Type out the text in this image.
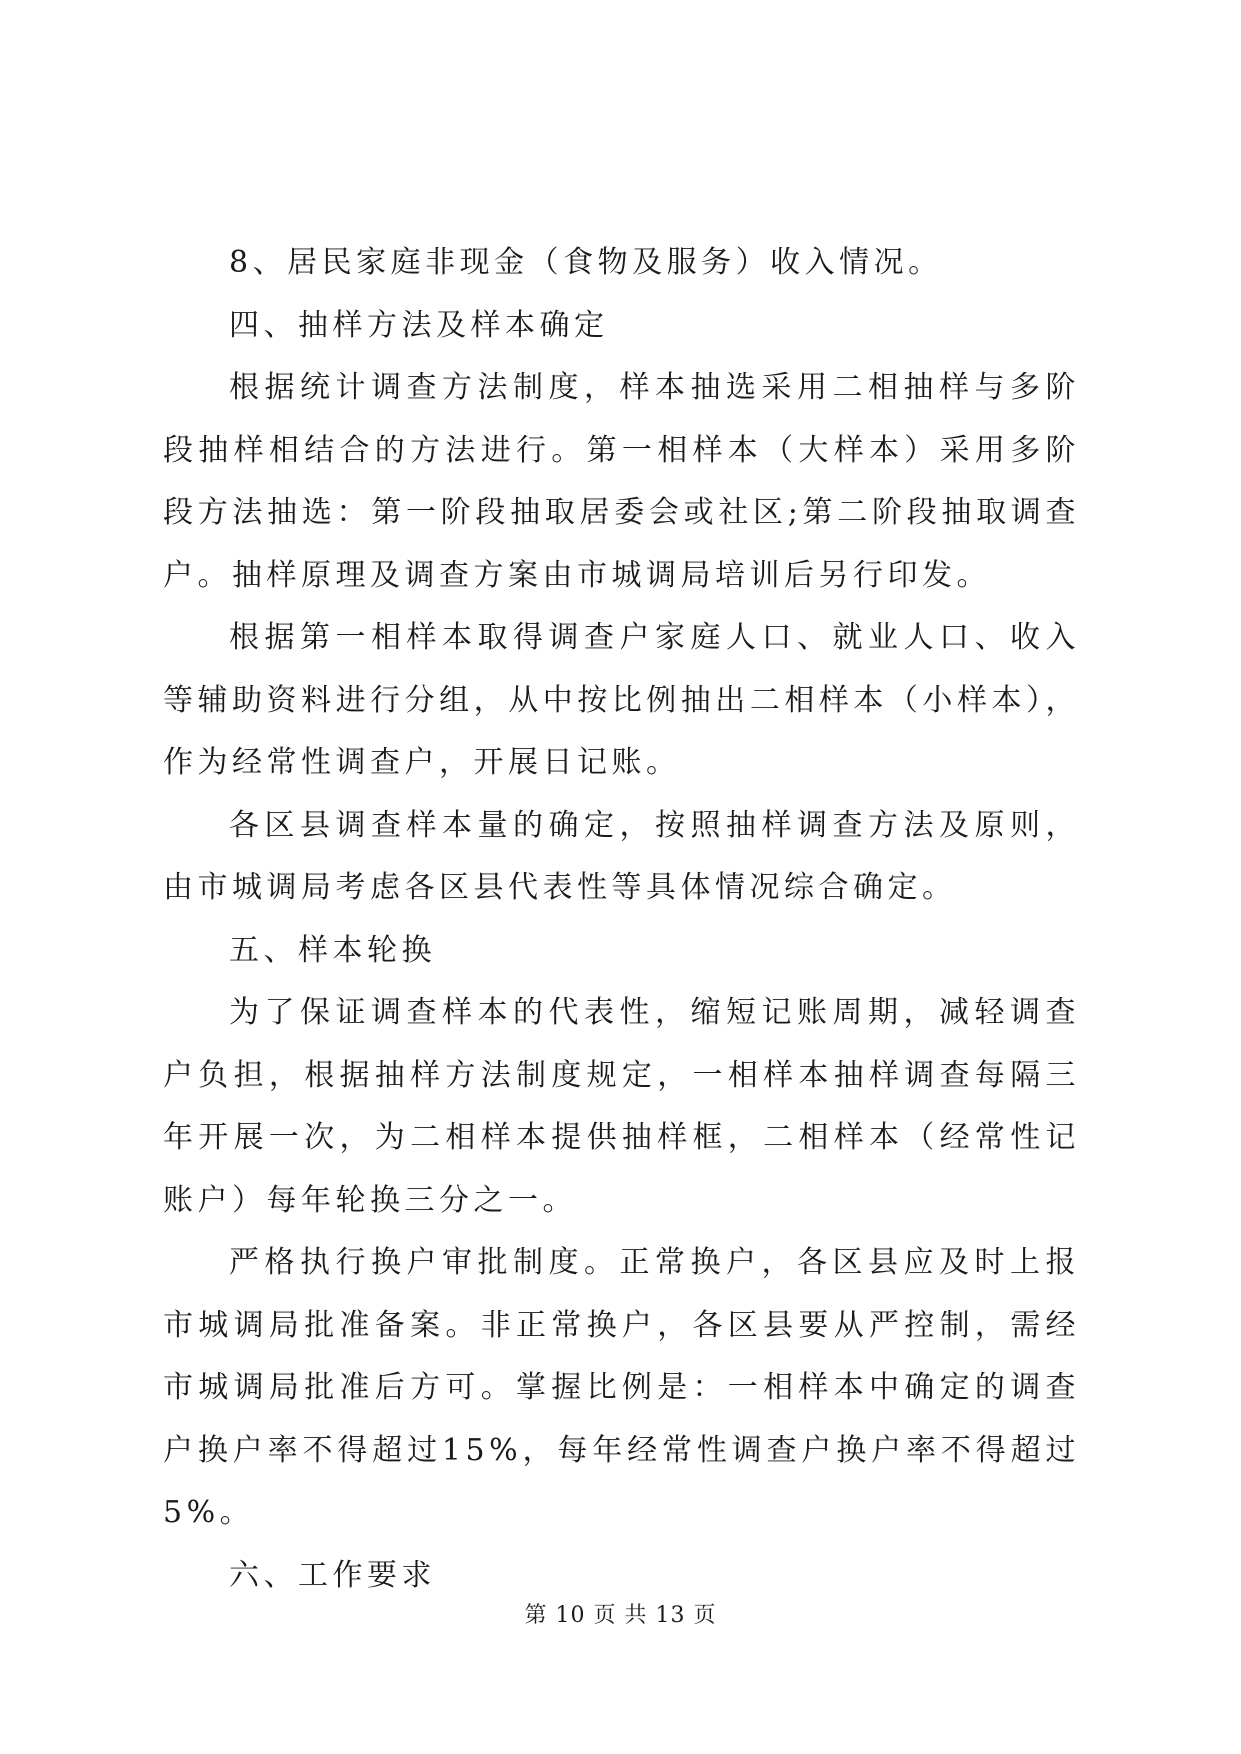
8、居民家庭非现金（食物及服务）收入情况。

四、抽样方法及样本确定

根据统计调查方法制度，样本抽选采用二相抽样与多阶段抽样相结合的方法进行。第一相样本（大样本）采用多阶段方法抽选：第一阶段抽取居委会或社区;第二阶段抽取调查户。抽样原理及调查方案由市城调局培训后另行印发。

根据第一相样本取得调查户家庭人口、就业人口、收入等辅助资料进行分组，从中按比例抽出二相样本（小样本），作为经常性调查户，开展日记账。

各区县调查样本量的确定，按照抽样调查方法及原则，由市城调局考虑各区县代表性等具体情况综合确定。

五、样本轮换

为了保证调查样本的代表性，缩短记账周期，减轻调查户负担，根据抽样方法制度规定，一相样本抽样调查每隔三年开展一次，为二相样本提供抽样框，二相样本（经常性记账户）每年轮换三分之一。

严格执行换户审批制度。正常换户，各区县应及时上报市城调局批准备案。非正常换户，各区县要从严控制，需经市城调局批准后方可。掌握比例是：一相样本中确定的调查户换户率不得超过15%，每年经常性调查户换户率不得超过5%。

六、工作要求

第 10 页 共 13 页
